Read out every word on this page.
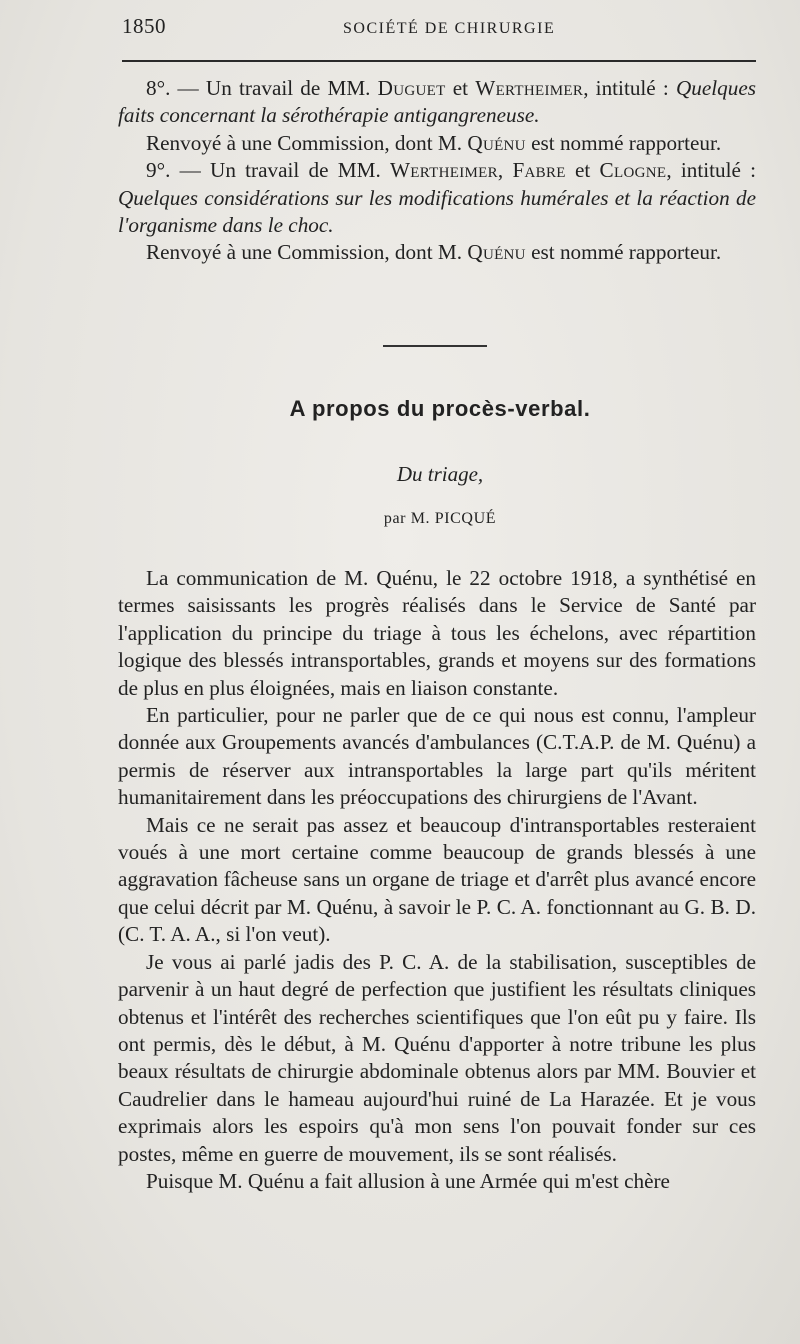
1850	SOCIÉTÉ DE CHIRURGIE

8°. — Un travail de MM. Duguet et Wertheimer, intitulé : Quelques faits concernant la sérothérapie antigangreneuse.

Renvoyé à une Commission, dont M. Quénu est nommé rapporteur.

9°. — Un travail de MM. Wertheimer, Fabre et Clogne, intitulé : Quelques considérations sur les modifications humérales et la réaction de l'organisme dans le choc.

Renvoyé à une Commission, dont M. Quénu est nommé rapporteur.

A propos du procès-verbal.
Du triage,
par M. PICQUÉ

La communication de M. Quénu, le 22 octobre 1918, a synthétisé en termes saisissants les progrès réalisés dans le Service de Santé par l'application du principe du triage à tous les échelons, avec répartition logique des blessés intransportables, grands et moyens sur des formations de plus en plus éloignées, mais en liaison constante.

En particulier, pour ne parler que de ce qui nous est connu, l'ampleur donnée aux Groupements avancés d'ambulances (C.T.A.P. de M. Quénu) a permis de réserver aux intransportables la large part qu'ils méritent humanitairement dans les préoccupations des chirurgiens de l'Avant.

Mais ce ne serait pas assez et beaucoup d'intransportables resteraient voués à une mort certaine comme beaucoup de grands blessés à une aggravation fâcheuse sans un organe de triage et d'arrêt plus avancé encore que celui décrit par M. Quénu, à savoir le P. C. A. fonctionnant au G. B. D. (C. T. A. A., si l'on veut).

Je vous ai parlé jadis des P. C. A. de la stabilisation, susceptibles de parvenir à un haut degré de perfection que justifient les résultats cliniques obtenus et l'intérêt des recherches scientifiques que l'on eût pu y faire. Ils ont permis, dès le début, à M. Quénu d'apporter à notre tribune les plus beaux résultats de chirurgie abdominale obtenus alors par MM. Bouvier et Caudrelier dans le hameau aujourd'hui ruiné de La Harazée. Et je vous exprimais alors les espoirs qu'à mon sens l'on pouvait fonder sur ces postes, même en guerre de mouvement, ils se sont réalisés.

Puisque M. Quénu a fait allusion à une Armée qui m'est chère
